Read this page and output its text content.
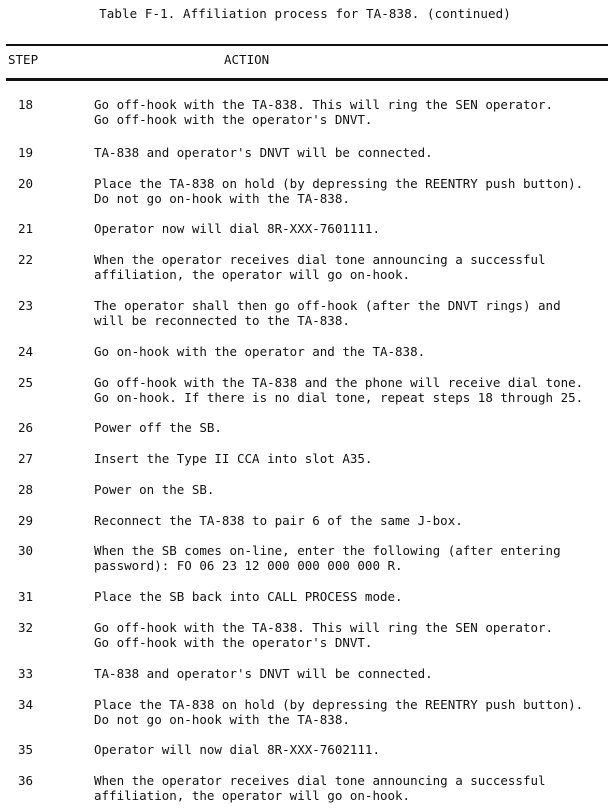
Table F-1. Affiliation process for TA-838. (continued)
STEP	ACTION
18	Go off-hook with the TA-838. This will ring the SEN operator.
Go off-hook with the operator's DNVT.
19	TA-838 and operator's DNVT will be connected.
20	Place the TA-838 on hold (by depressing the REENTRY push button).
Do not go on-hook with the TA-838.
21	Operator now will dial 8R-XXX-7601111.
22	When the operator receives dial tone announcing a successful
affiliation, the operator will go on-hook.
23	The operator shall then go off-hook (after the DNVT rings) and
will be reconnected to the TA-838.
24	Go on-hook with the operator and the TA-838.
25	Go off-hook with the TA-838 and the phone will receive dial tone.
Go on-hook. If there is no dial tone, repeat steps 18 through 25.
26	Power off the SB.
27	Insert the Type II CCA into slot A35.
28	Power on the SB.
29	Reconnect the TA-838 to pair 6 of the same J-box.
30	When the SB comes on-line, enter the following (after entering
password): FO 06 23 12 000 000 000 000 R.
31	Place the SB back into CALL PROCESS mode.
32	Go off-hook with the TA-838. This will ring the SEN operator.
Go off-hook with the operator's DNVT.
33	TA-838 and operator's DNVT will be connected.
34	Place the TA-838 on hold (by depressing the REENTRY push button).
Do not go on-hook with the TA-838.
35	Operator will now dial 8R-XXX-7602111.
36	When the operator receives dial tone announcing a successful
affiliation, the operator will go on-hook.
